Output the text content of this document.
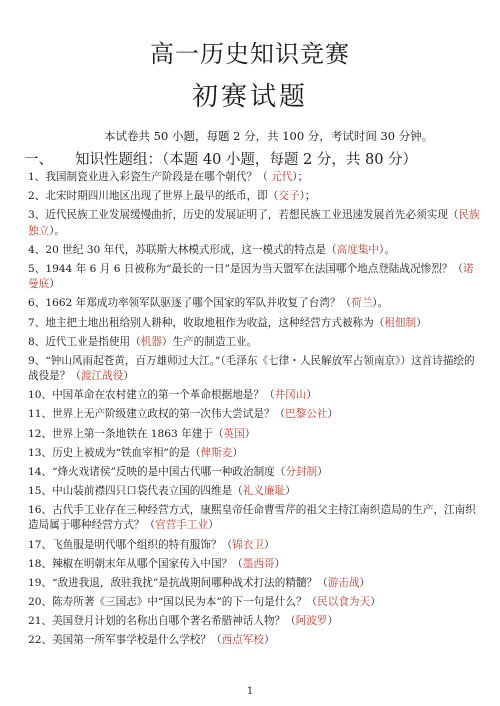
高一历史知识竞赛
初赛试题
本试卷共 50 小题，每题 2 分，共 100 分，考试时间 30 分钟。
一、 知识性题组：（本题 40 小题，每题 2 分，共 80 分）
1、我国制瓷业进入彩瓷生产阶段是在哪个朝代？（ 元代）；
2、北宋时期四川地区出现了世界上最早的纸币，即（交子）；
3、近代民族工业发展缓慢曲折，历史的发展证明了，若想民族工业迅速发展首先必须实现（民族独立）。
4、20 世纪 30 年代，苏联斯大林模式形成，这一模式的特点是（高度集中）。
5、1944 年 6 月 6 日被称为“最长的一日”是因为当天盟军在法国哪个地点登陆战况惨烈？（诺曼底）
6、1662 年郑成功率领军队驱逐了哪个国家的军队并收复了台湾？（荷兰）。
7、地主把土地出租给别人耕种，收取地租作为收益，这种经营方式被称为（租佃制）
8、近代工业是指使用（机器）生产的制造工业。
9、“钟山风雨起苍黄，百万雄师过大江。”（毛泽东《七律・人民解放军占领南京》）这首诗描绘的战役是？（渡江战役）
10、中国革命在农村建立的第一个革命根据地是？（井冈山）
11、世界上无产阶级建立政权的第一次伟大尝试是？（巴黎公社）
12、世界上第一条地铁在 1863 年建于（英国）
13、历史上被成为“铁血宰相”的是（俾斯麦）
14、“烽火戏诸侯”反映的是中国古代哪一种政治制度（分封制）
15、中山装前襟四只口袋代表立国的四维是（礼义廉耻）
16、古代手工业存在三种经营方式，康熙皇帝任命曹雪芹的祖父主持江南织造局的生产，江南织造局属于哪种经营方式？（官营手工业）
17、飞鱼服是明代哪个组织的特有服饰？（锦衣卫）
18、辣椒在明朝末年从哪个国家传入中国？（墨西哥）
19、“敌进我退，敌驻我扰”是抗战期间哪种战术打法的精髓？（游击战）
20、陈寿所著《三国志》中“国以民为本”的下一句是什么？（民以食为天）
21、美国登月计划的名称出自哪个著名希腊神话人物？（阿波罗）
22、美国第一所军事学校是什么学校？（西点军校）
1
